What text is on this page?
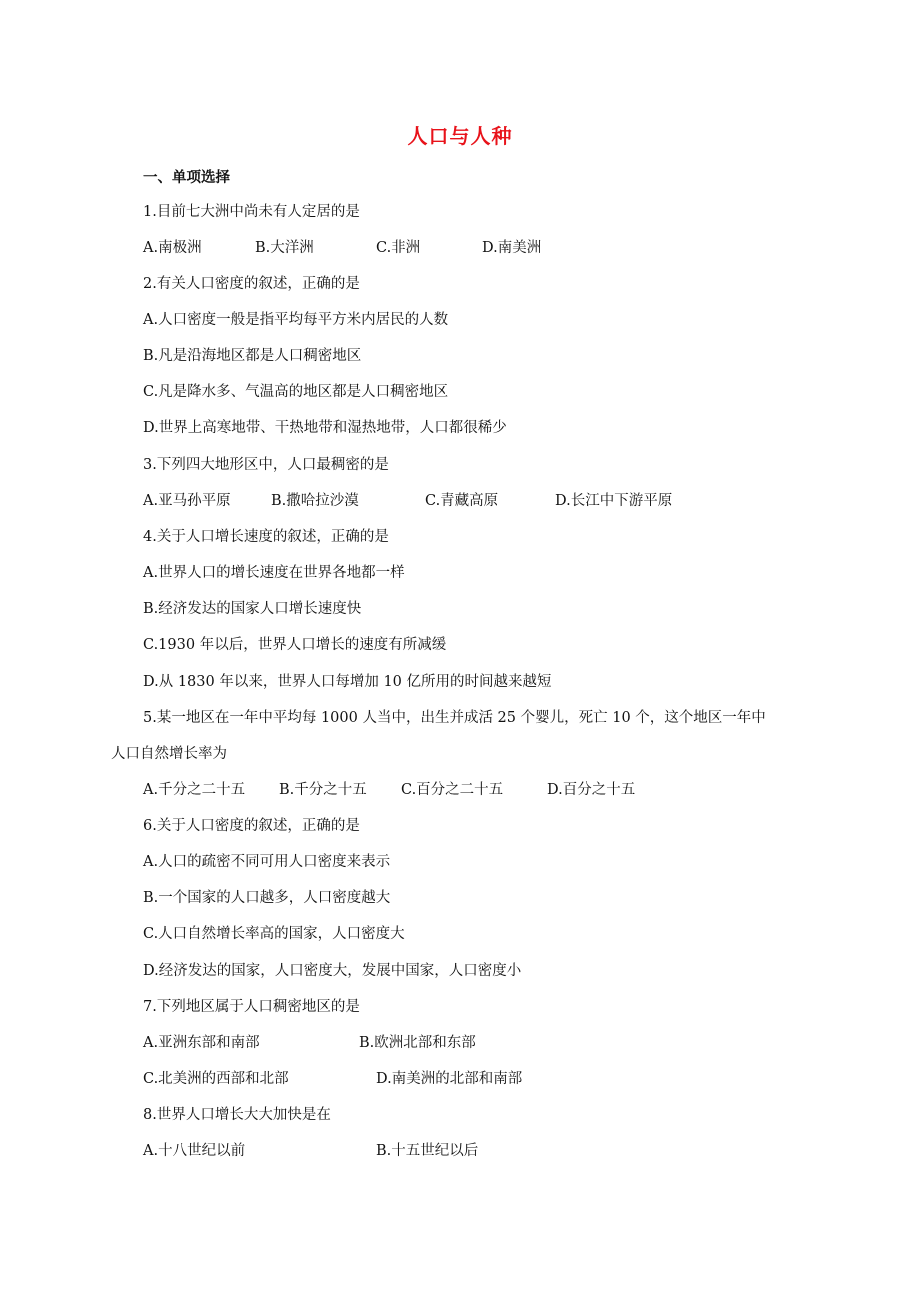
人口与人种
一、单项选择
1.目前七大洲中尚未有人定居的是
A.南极洲	B.大洋洲	C.非洲	D.南美洲
2.有关人口密度的叙述，正确的是
A.人口密度一般是指平均每平方米内居民的人数
B.凡是沿海地区都是人口稠密地区
C.凡是降水多、气温高的地区都是人口稠密地区
D.世界上高寒地带、干热地带和湿热地带，人口都很稀少
3.下列四大地形区中，人口最稠密的是
A.亚马孙平原	B.撒哈拉沙漠	C.青藏高原	D.长江中下游平原
4.关于人口增长速度的叙述，正确的是
A.世界人口的增长速度在世界各地都一样
B.经济发达的国家人口增长速度快
C.1930 年以后，世界人口增长的速度有所减缓
D.从 1830 年以来，世界人口每增加 10 亿所用的时间越来越短
5.某一地区在一年中平均每 1000 人当中，出生并成活 25 个婴儿，死亡 10 个，这个地区一年中
人口自然增长率为
A.千分之二十五 B.千分之十五 C.百分之二十五	D.百分之十五
6.关于人口密度的叙述，正确的是
A.人口的疏密不同可用人口密度来表示
B.一个国家的人口越多，人口密度越大
C.人口自然增长率高的国家，人口密度大
D.经济发达的国家，人口密度大，发展中国家，人口密度小
7.下列地区属于人口稠密地区的是
A.亚洲东部和南部	B.欧洲北部和东部
C.北美洲的西部和北部	D.南美洲的北部和南部
8.世界人口增长大大加快是在
A.十八世纪以前	B.十五世纪以后
